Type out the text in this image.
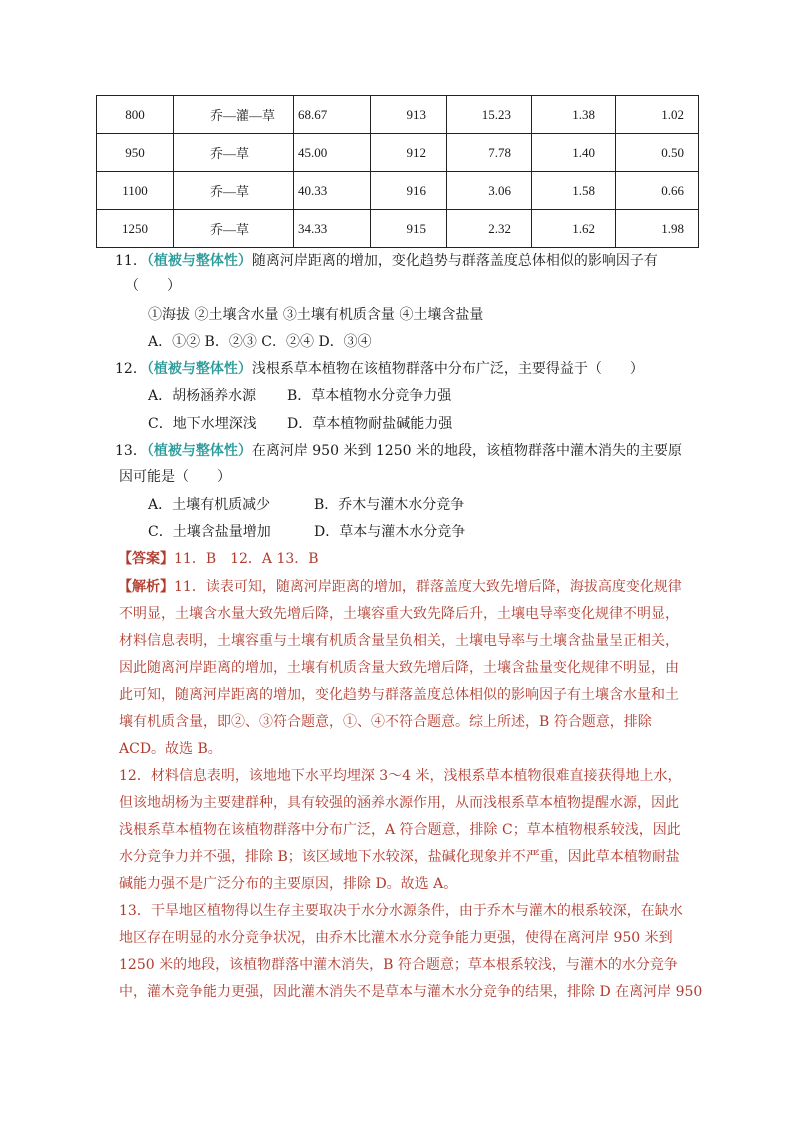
800	乔—灌—草	68.67	913	15.23	1.38	1.02
950	乔—草	45.00	912	7.78	1.40	0.50
1100	乔—草	40.33	916	3.06	1.58	0.66
1250	乔—草	34.33	915	2.32	1.62	1.98
11．（植被与整体性）随离河岸距离的增加，变化趋势与群落盖度总体相似的影响因子有
（　　）
①海拔 ②土壤含水量 ③土壤有机质含量 ④土壤含盐量
A．①② B．②③ C．②④ D．③④
12．（植被与整体性）浅根系草本植物在该植物群落中分布广泛，主要得益于（　　）
A．胡杨涵养水源 B．草本植物水分竞争力强
C．地下水埋深浅 D．草本植物耐盐碱能力强
13．（植被与整体性）在离河岸 950 米到 1250 米的地段，该植物群落中灌木消失的主要原
因可能是（　　）
A．土壤有机质减少	B．乔木与灌木水分竞争
C．土壤含盐量增加	D．草本与灌木水分竞争
【答案】11．B　12．A 13．B
【解析】11．读表可知，随离河岸距离的增加，群落盖度大致先增后降，海拔高度变化规律
不明显，土壤含水量大致先增后降，土壤容重大致先降后升，土壤电导率变化规律不明显，
材料信息表明，土壤容重与土壤有机质含量呈负相关，土壤电导率与土壤含盐量呈正相关，
因此随离河岸距离的增加，土壤有机质含量大致先增后降，土壤含盐量变化规律不明显，由
此可知，随离河岸距离的增加，变化趋势与群落盖度总体相似的影响因子有土壤含水量和土
壤有机质含量，即②、③符合题意，①、④不符合题意。综上所述，B 符合题意，排除
ACD。故选 B。
12．材料信息表明，该地地下水平均埋深 3～4 米，浅根系草本植物很难直接获得地上水，
但该地胡杨为主要建群种，具有较强的涵养水源作用，从而浅根系草本植物提醒水源，因此
浅根系草本植物在该植物群落中分布广泛，A 符合题意，排除 C；草本植物根系较浅，因此
水分竞争力并不强，排除 B；该区域地下水较深，盐碱化现象并不严重，因此草本植物耐盐
碱能力强不是广泛分布的主要原因，排除 D。故选 A。
13．干旱地区植物得以生存主要取决于水分水源条件，由于乔木与灌木的根系较深，在缺水
地区存在明显的水分竞争状况，由乔木比灌木水分竞争能力更强，使得在离河岸 950 米到
1250 米的地段，该植物群落中灌木消失，B 符合题意；草本根系较浅，与灌木的水分竞争
中，灌木竞争能力更强，因此灌木消失不是草本与灌木水分竞争的结果，排除 D 在离河岸 950
